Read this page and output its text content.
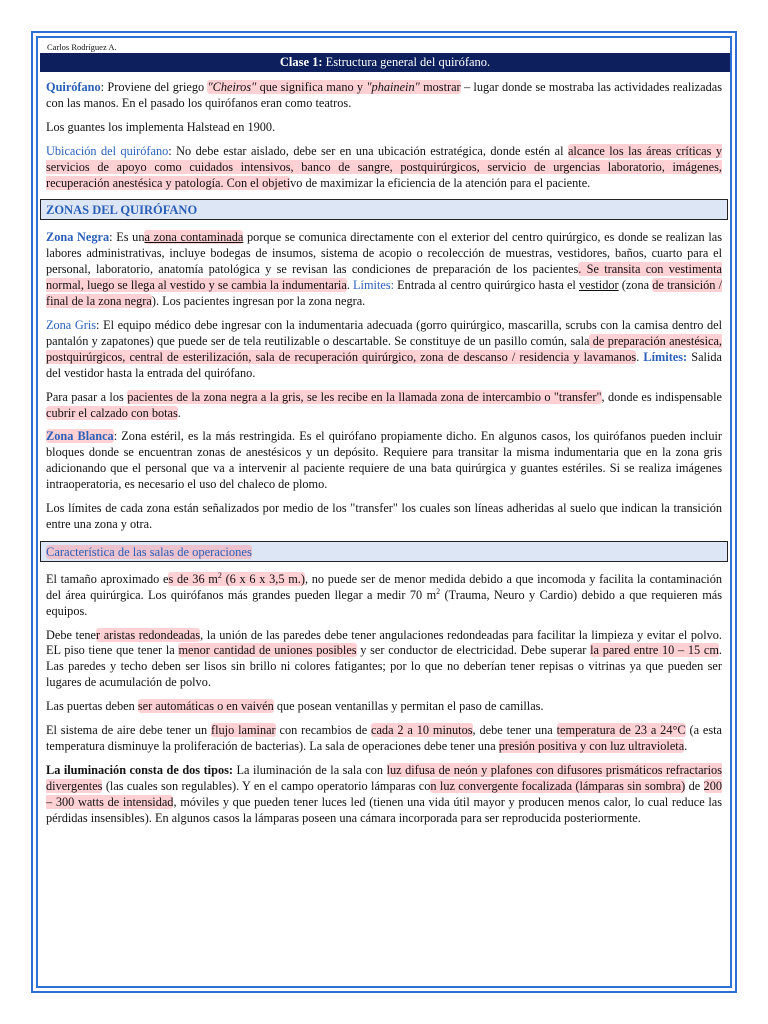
Carlos Rodríguez A.
Clase 1: Estructura general del quirófano.

Quirófano: Proviene del griego "Cheiros" que significa mano y "phainein" mostrar – lugar donde se mostraba las actividades realizadas con las manos. En el pasado los quirófanos eran como teatros.

Los guantes los implementa Halstead en 1900.

Ubicación del quirófano: No debe estar aislado, debe ser en una ubicación estratégica, donde estén al alcance los las áreas críticas y servicios de apoyo como cuidados intensivos, banco de sangre, postquirúrgicos, servicio de urgencias laboratorio, imágenes, recuperación anestésica y patología. Con el objetivo de maximizar la eficiencia de la atención para el paciente.

ZONAS DEL QUIRÓFANO

Zona Negra: Es una zona contaminada porque se comunica directamente con el exterior del centro quirúrgico, es donde se realizan las labores administrativas, incluye bodegas de insumos, sistema de acopio o recolección de muestras, vestidores, baños, cuarto para el personal, laboratorio, anatomía patológica y se revisan las condiciones de preparación de los pacientes. Se transita con vestimenta normal, luego se llega al vestido y se cambia la indumentaria. Límites: Entrada al centro quirúrgico hasta el vestidor (zona de transición / final de la zona negra). Los pacientes ingresan por la zona negra.

Zona Gris: El equipo médico debe ingresar con la indumentaria adecuada (gorro quirúrgico, mascarilla, scrubs con la camisa dentro del pantalón y zapatones) que puede ser de tela reutilizable o descartable. Se constituye de un pasillo común, sala de preparación anestésica, postquirúrgicos, central de esterilización, sala de recuperación quirúrgico, zona de descanso / residencia y lavamanos. Límites: Salida del vestidor hasta la entrada del quirófano.

Para pasar a los pacientes de la zona negra a la gris, se les recibe en la llamada zona de intercambio o "transfer", donde es indispensable cubrir el calzado con botas.

Zona Blanca: Zona estéril, es la más restringida. Es el quirófano propiamente dicho. En algunos casos, los quirófanos pueden incluir bloques donde se encuentran zonas de anestésicos y un depósito. Requiere para transitar la misma indumentaria que en la zona gris adicionando que el personal que va a intervenir al paciente requiere de una bata quirúrgica y guantes estériles. Si se realiza imágenes intraoperatoria, es necesario el uso del chaleco de plomo.

Los límites de cada zona están señalizados por medio de los "transfer" los cuales son líneas adheridas al suelo que indican la transición entre una zona y otra.

Característica de las salas de operaciones

El tamaño aproximado es de 36 $m^2$ (6 x 6 x 3,5 m.), no puede ser de menor medida debido a que incomoda y facilita la contaminación del área quirúrgica. Los quirófanos más grandes pueden llegar a medir 70 $m^2$ (Trauma, Neuro y Cardio) debido a que requieren más equipos.

Debe tener aristas redondeadas, la unión de las paredes debe tener angulaciones redondeadas para facilitar la limpieza y evitar el polvo. EL piso tiene que tener la menor cantidad de uniones posibles y ser conductor de electricidad. Debe superar la pared entre 10 – 15 cm. Las paredes y techo deben ser lisos sin brillo ni colores fatigantes; por lo que no deberían tener repisas o vitrinas ya que pueden ser lugares de acumulación de polvo.

Las puertas deben ser automáticas o en vaivén que posean ventanillas y permitan el paso de camillas.

El sistema de aire debe tener un flujo laminar con recambios de cada 2 a 10 minutos, debe tener una temperatura de 23 a 24°C (a esta temperatura disminuye la proliferación de bacterias). La sala de operaciones debe tener una presión positiva y con luz ultravioleta.

La iluminación consta de dos tipos: La iluminación de la sala con luz difusa de neón y plafones con difusores prismáticos refractarios divergentes (las cuales son regulables). Y en el campo operatorio lámparas con luz convergente focalizada (lámparas sin sombra) de 200 – 300 watts de intensidad, móviles y que pueden tener luces led (tienen una vida útil mayor y producen menos calor, lo cual reduce las pérdidas insensibles). En algunos casos la lámparas poseen una cámara incorporada para ser reproducida posteriormente.
